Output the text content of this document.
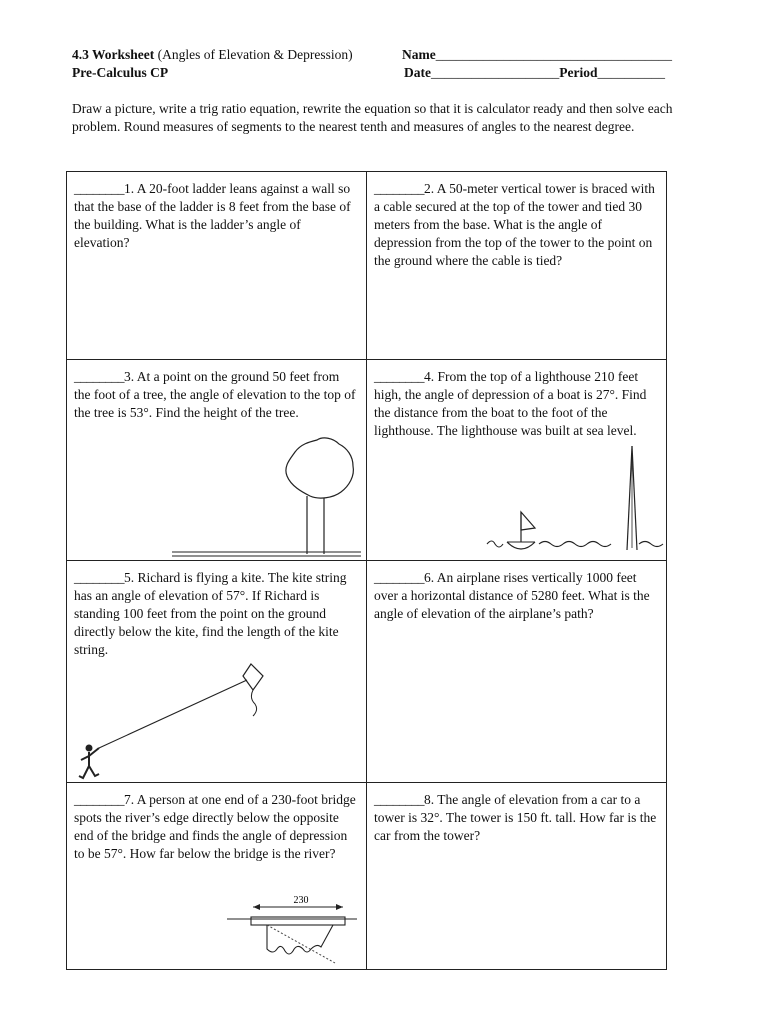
4.3 Worksheet (Angles of Elevation & Depression)
Pre-Calculus CP
Name___________________________________
Date___________________Period__________
Draw a picture, write a trig ratio equation, rewrite the equation so that it is calculator ready and then solve each problem. Round measures of segments to the nearest tenth and measures of angles to the nearest degree.
________1. A 20-foot ladder leans against a wall so that the base of the ladder is 8 feet from the base of the building. What is the ladder’s angle of elevation?
________2. A 50-meter vertical tower is braced with a cable secured at the top of the tower and tied 30 meters from the base. What is the angle of depression from the top of the tower to the point on the ground where the cable is tied?
________3. At a point on the ground 50 feet from the foot of a tree, the angle of elevation to the top of the tree is 53°. Find the height of the tree.
________4. From the top of a lighthouse 210 feet high, the angle of depression of a boat is 27°. Find the distance from the boat to the foot of the lighthouse. The lighthouse was built at sea level.
________5. Richard is flying a kite. The kite string has an angle of elevation of 57°. If Richard is standing 100 feet from the point on the ground directly below the kite, find the length of the kite string.
________6. An airplane rises vertically 1000 feet over a horizontal distance of 5280 feet. What is the angle of elevation of the airplane’s path?
________7. A person at one end of a 230-foot bridge spots the river’s edge directly below the opposite end of the bridge and finds the angle of depression to be 57°. How far below the bridge is the river?
230
________8. The angle of elevation from a car to a tower is 32°. The tower is 150 ft. tall. How far is the car from the tower?
